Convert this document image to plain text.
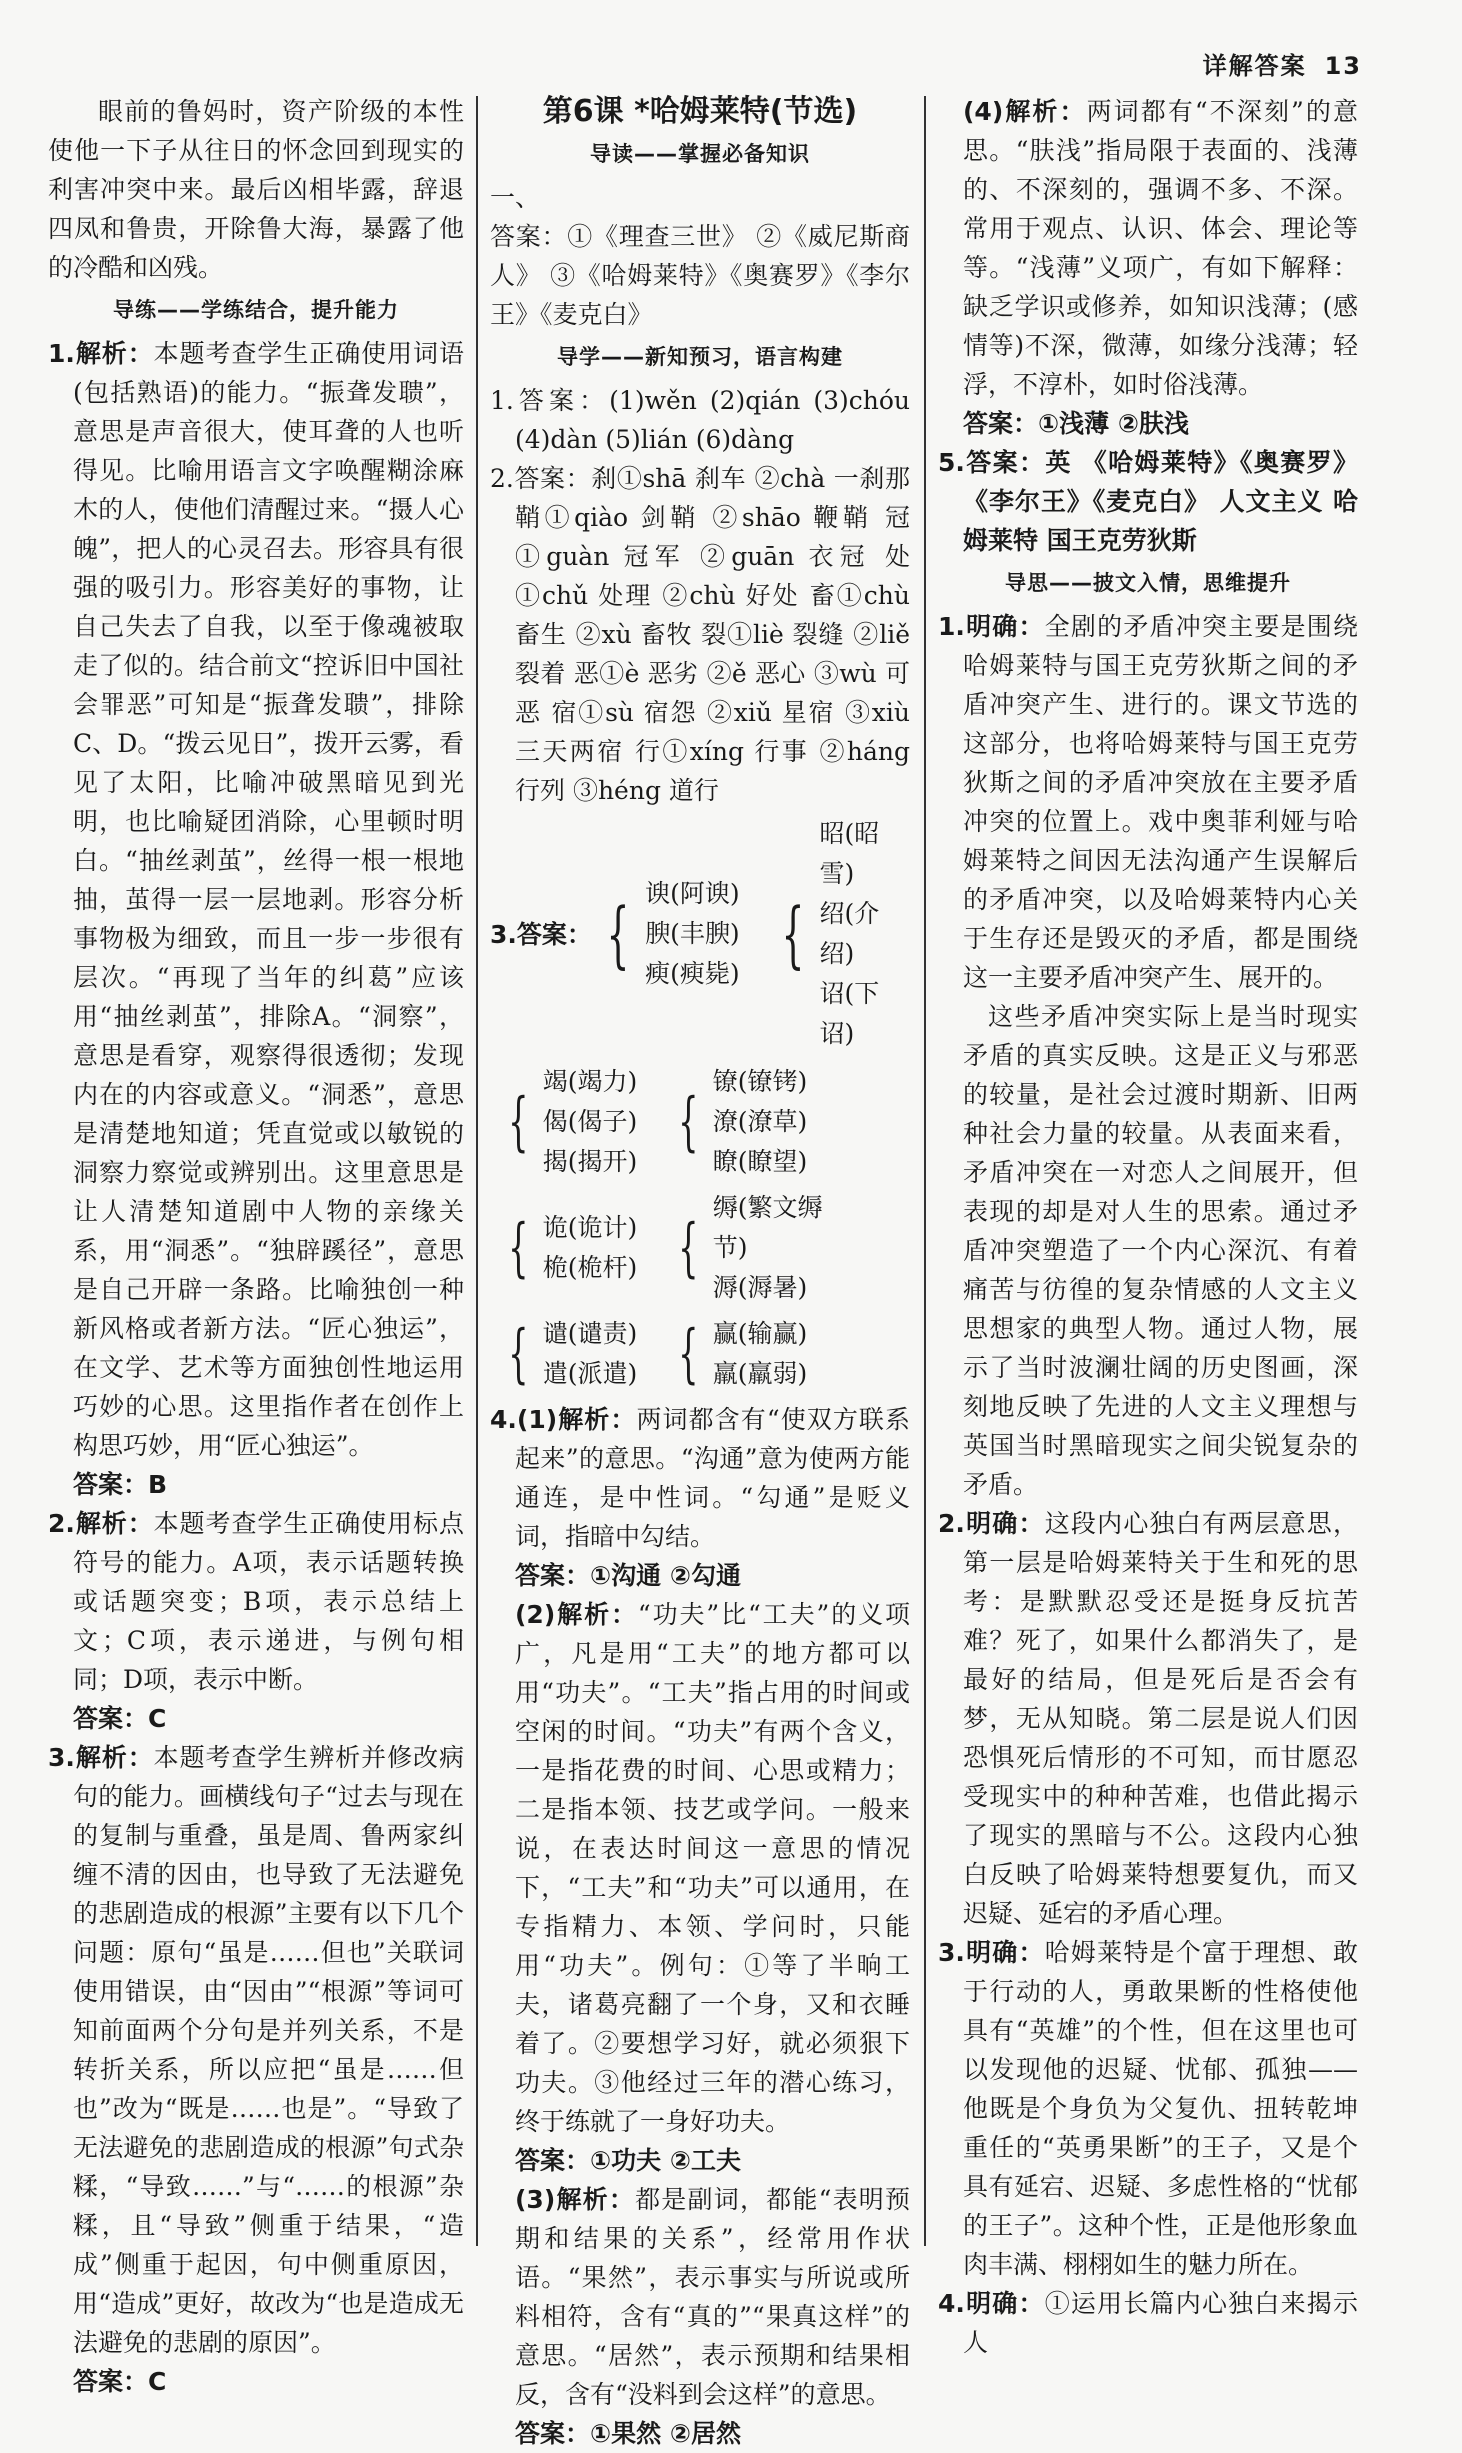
详解答案 13

眼前的鲁妈时，资产阶级的本性使他一下子从往日的怀念回到现实的利害冲突中来。最后凶相毕露，辞退四凤和鲁贵，开除鲁大海，暴露了他的冷酷和凶残。

导练——学练结合，提升能力

1.解析：本题考查学生正确使用词语(包括熟语)的能力。“振聋发聩”，意思是声音很大，使耳聋的人也听得见。比喻用语言文字唤醒糊涂麻木的人，使他们清醒过来。“摄人心魄”，把人的心灵召去。形容具有很强的吸引力。形容美好的事物，让自己失去了自我，以至于像魂被取走了似的。结合前文“控诉旧中国社会罪恶”可知是“振聋发聩”，排除C、D。“拨云见日”，拨开云雾，看见了太阳，比喻冲破黑暗见到光明，也比喻疑团消除，心里顿时明白。“抽丝剥茧”，丝得一根一根地抽，茧得一层一层地剥。形容分析事物极为细致，而且一步一步很有层次。“再现了当年的纠葛”应该用“抽丝剥茧”，排除A。“洞察”，意思是看穿，观察得很透彻；发现内在的内容或意义。“洞悉”，意思是清楚地知道；凭直觉或以敏锐的洞察力察觉或辨别出。这里意思是让人清楚知道剧中人物的亲缘关系，用“洞悉”。“独辟蹊径”，意思是自己开辟一条路。比喻独创一种新风格或者新方法。“匠心独运”，在文学、艺术等方面独创性地运用巧妙的心思。这里指作者在创作上构思巧妙，用“匠心独运”。

答案：B

2.解析：本题考查学生正确使用标点符号的能力。A项，表示话题转换或话题突变；B项，表示总结上文；C项，表示递进，与例句相同；D项，表示中断。

答案：C

3.解析：本题考查学生辨析并修改病句的能力。画横线句子“过去与现在的复制与重叠，虽是周、鲁两家纠缠不清的因由，也导致了无法避免的悲剧造成的根源”主要有以下几个问题：原句“虽是……但也”关联词使用错误，由“因由”“根源”等词可知前面两个分句是并列关系，不是转折关系，所以应把“虽是……但也”改为“既是……也是”。“导致了无法避免的悲剧造成的根源”句式杂糅，“导致……”与“……的根源”杂糅，且“导致”侧重于结果，“造成”侧重于起因，句中侧重原因，用“造成”更好，故改为“也是造成无法避免的悲剧的原因”。

答案：C

第6课 *哈姆莱特(节选)
导读——掌握必备知识

一、

答案：①《理查三世》 ②《威尼斯商人》 ③《哈姆莱特》《奥赛罗》《李尔王》《麦克白》

导学——新知预习，语言构建

1.答案：(1)wěn (2)qián (3)chóu (4)dàn (5)lián (6)dàng

2.答案：刹①shā 刹车 ②chà 一刹那 鞘①qiào 剑鞘 ②shāo 鞭鞘 冠①guàn 冠军 ②guān 衣冠 处①chǔ 处理 ②chù 好处 畜①chù 畜生 ②xù 畜牧 裂①liè 裂缝 ②liě 裂着 恶①è 恶劣 ②ě 恶心 ③wù 可恶 宿①sù 宿怨 ②xiǔ 星宿 ③xiù 三天两宿 行①xíng 行事 ②háng 行列 ③héng 道行

3.答案： { 谀(阿谀)
腴(丰腴)
瘐(瘐毙) {
昭(昭雪)
绍(介绍)
诏(下诏)
{
竭(竭力)
偈(偈子)
揭(揭开)
{
镣(镣铐)
潦(潦草)
瞭(瞭望)
{ 诡(诡计)
桅(桅杆) {
缛(繁文缛节)
溽(溽暑)
{ 谴(谴责)
遣(派遣) { 赢(输赢)
羸(羸弱)

4.(1)解析：两词都含有“使双方联系起来”的意思。“沟通”意为使两方能通连，是中性词。“勾通”是贬义词，指暗中勾结。

答案：①沟通 ②勾通

(2)解析：“功夫”比“工夫”的义项广，凡是用“工夫”的地方都可以用“功夫”。“工夫”指占用的时间或空闲的时间。“功夫”有两个含义，一是指花费的时间、心思或精力；二是指本领、技艺或学问。一般来说，在表达时间这一意思的情况下，“工夫”和“功夫”可以通用，在专指精力、本领、学问时，只能用“功夫”。例句：①等了半晌工夫，诸葛亮翻了一个身，又和衣睡着了。②要想学习好，就必须狠下功夫。③他经过三年的潜心练习，终于练就了一身好功夫。

答案：①功夫 ②工夫

(3)解析：都是副词，都能“表明预期和结果的关系”，经常用作状语。“果然”，表示事实与所说或所料相符，含有“真的”“果真这样”的意思。“居然”，表示预期和结果相反，含有“没料到会这样”的意思。

答案：①果然 ②居然

(4)解析：两词都有“不深刻”的意思。“肤浅”指局限于表面的、浅薄的、不深刻的，强调不多、不深。常用于观点、认识、体会、理论等等。“浅薄”义项广，有如下解释：缺乏学识或修养，如知识浅薄；(感情等)不深，微薄，如缘分浅薄；轻浮，不淳朴，如时俗浅薄。

答案：①浅薄 ②肤浅

5.答案：英 《哈姆莱特》《奥赛罗》《李尔王》《麦克白》 人文主义 哈姆莱特 国王克劳狄斯

导思——披文入情，思维提升

1.明确：全剧的矛盾冲突主要是围绕哈姆莱特与国王克劳狄斯之间的矛盾冲突产生、进行的。课文节选的这部分，也将哈姆莱特与国王克劳狄斯之间的矛盾冲突放在主要矛盾冲突的位置上。戏中奥菲利娅与哈姆莱特之间因无法沟通产生误解后的矛盾冲突，以及哈姆莱特内心关于生存还是毁灭的矛盾，都是围绕这一主要矛盾冲突产生、展开的。

这些矛盾冲突实际上是当时现实矛盾的真实反映。这是正义与邪恶的较量，是社会过渡时期新、旧两种社会力量的较量。从表面来看，矛盾冲突在一对恋人之间展开，但表现的却是对人生的思索。通过矛盾冲突塑造了一个内心深沉、有着痛苦与彷徨的复杂情感的人文主义思想家的典型人物。通过人物，展示了当时波澜壮阔的历史图画，深刻地反映了先进的人文主义理想与英国当时黑暗现实之间尖锐复杂的矛盾。

2.明确：这段内心独白有两层意思，第一层是哈姆莱特关于生和死的思考：是默默忍受还是挺身反抗苦难？死了，如果什么都消失了，是最好的结局，但是死后是否会有梦，无从知晓。第二层是说人们因恐惧死后情形的不可知，而甘愿忍受现实中的种种苦难，也借此揭示了现实的黑暗与不公。这段内心独白反映了哈姆莱特想要复仇，而又迟疑、延宕的矛盾心理。

3.明确：哈姆莱特是个富于理想、敢于行动的人，勇敢果断的性格使他具有“英雄”的个性，但在这里也可以发现他的迟疑、忧郁、孤独——他既是个身负为父复仇、扭转乾坤重任的“英勇果断”的王子，又是个具有延宕、迟疑、多虑性格的“忧郁的王子”。这种个性，正是他形象血肉丰满、栩栩如生的魅力所在。

4.明确：①运用长篇内心独白来揭示人
